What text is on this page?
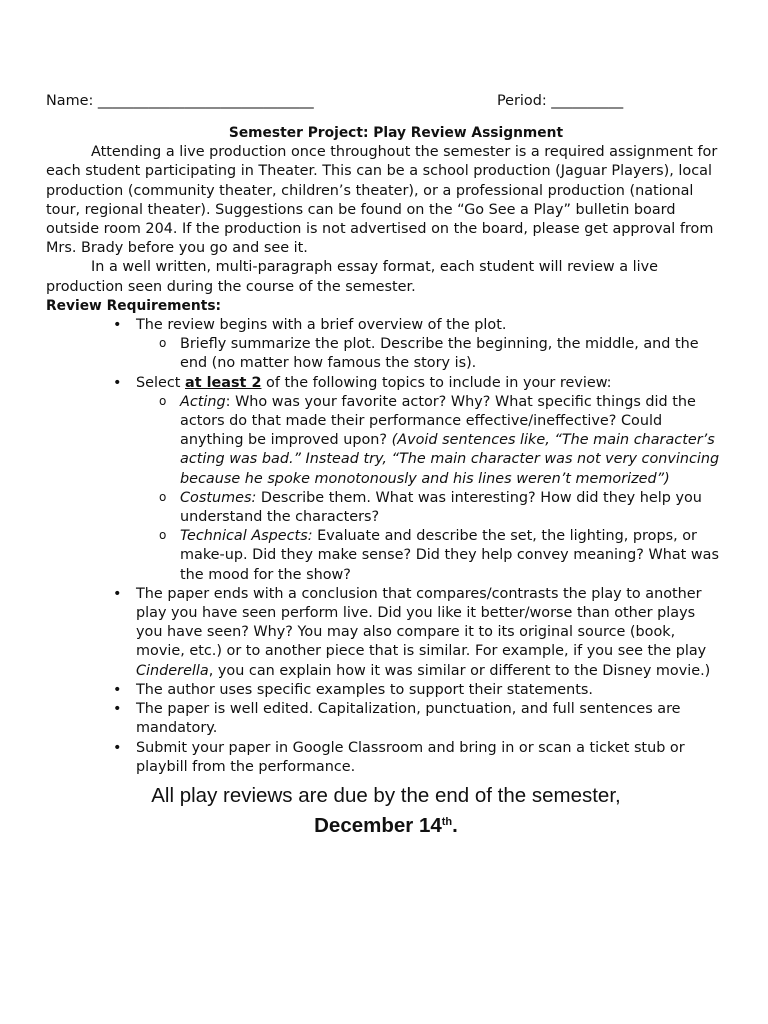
Name: ______________________________	Period: __________

Semester Project: Play Review Assignment

Attending a live production once throughout the semester is a required assignment for each student participating in Theater. This can be a school production (Jaguar Players), local production (community theater, children’s theater), or a professional production (national tour, regional theater). Suggestions can be found on the “Go See a Play” bulletin board outside room 204. If the production is not advertised on the board, please get approval from Mrs. Brady before you go and see it.

In a well written, multi-paragraph essay format, each student will review a live production seen during the course of the semester.

Review Requirements:

• The review begins with a brief overview of the plot.
o Briefly summarize the plot. Describe the beginning, the middle, and the end (no matter how famous the story is).
• Select at least 2 of the following topics to include in your review:
o Acting: Who was your favorite actor? Why? What specific things did the actors do that made their performance effective/ineffective? Could anything be improved upon? (Avoid sentences like, “The main character’s acting was bad.” Instead try, “The main character was not very convincing because he spoke monotonously and his lines weren’t memorized”)
o Costumes: Describe them. What was interesting? How did they help you understand the characters?
o Technical Aspects: Evaluate and describe the set, the lighting, props, or make-up. Did they make sense? Did they help convey meaning? What was the mood for the show?
• The paper ends with a conclusion that compares/contrasts the play to another play you have seen perform live. Did you like it better/worse than other plays you have seen? Why? You may also compare it to its original source (book, movie, etc.) or to another piece that is similar. For example, if you see the play Cinderella, you can explain how it was similar or different to the Disney movie.)
• The author uses specific examples to support their statements.
• The paper is well edited. Capitalization, punctuation, and full sentences are mandatory.
• Submit your paper in Google Classroom and bring in or scan a ticket stub or playbill from the performance.
All play reviews are due by the end of the semester,
December 14th.
